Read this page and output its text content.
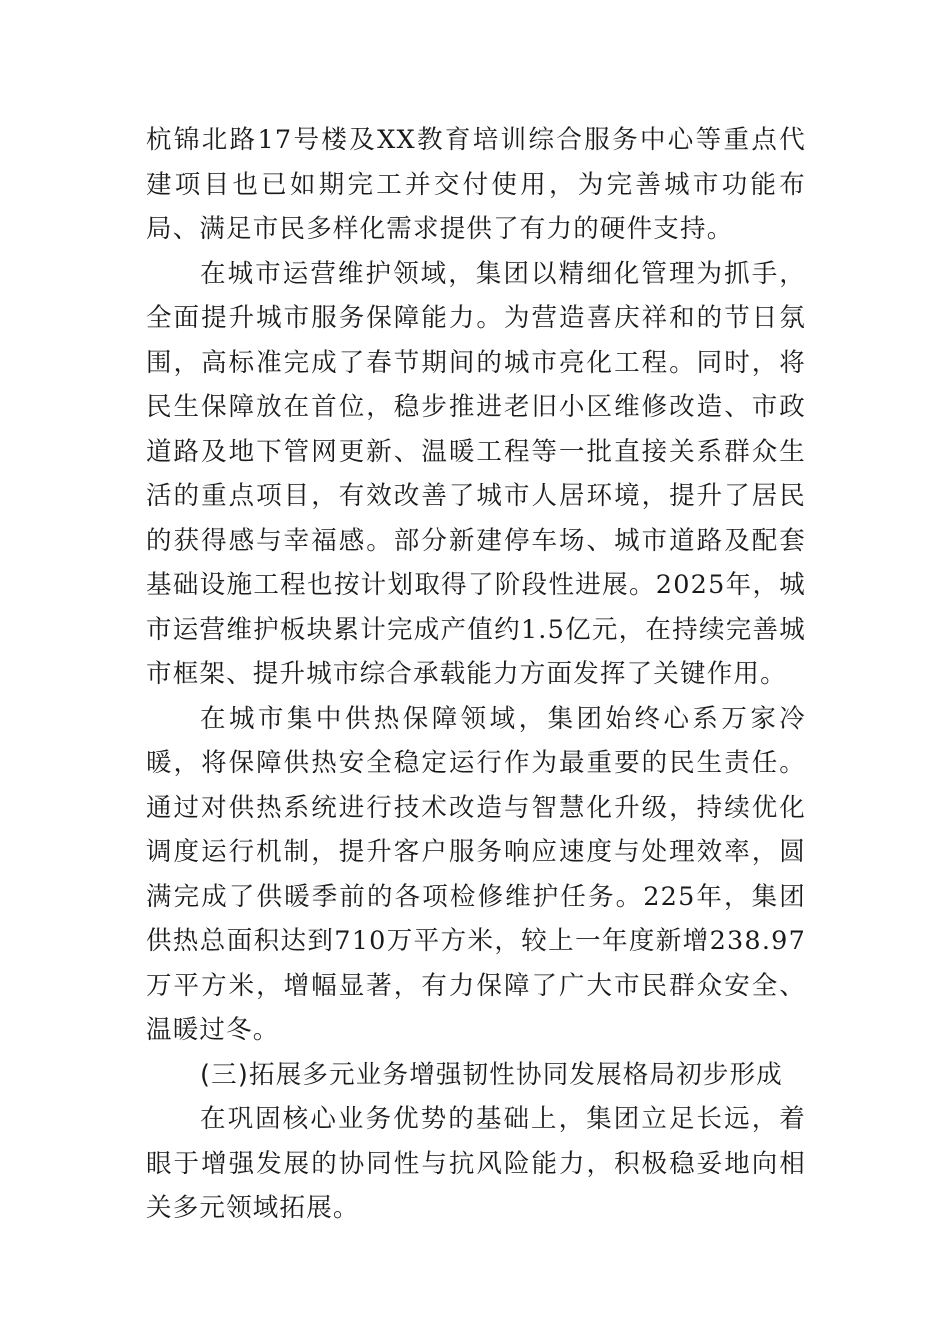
杭锦北路17号楼及XX教育培训综合服务中心等重点代建项目也已如期完工并交付使用，为完善城市功能布局、满足市民多样化需求提供了有力的硬件支持。

在城市运营维护领域，集团以精细化管理为抓手，全面提升城市服务保障能力。为营造喜庆祥和的节日氛围，高标准完成了春节期间的城市亮化工程。同时，将民生保障放在首位，稳步推进老旧小区维修改造、市政道路及地下管网更新、温暖工程等一批直接关系群众生活的重点项目，有效改善了城市人居环境，提升了居民的获得感与幸福感。部分新建停车场、城市道路及配套基础设施工程也按计划取得了阶段性进展。2025年，城市运营维护板块累计完成产值约1.5亿元，在持续完善城市框架、提升城市综合承载能力方面发挥了关键作用。

在城市集中供热保障领域，集团始终心系万家冷暖，将保障供热安全稳定运行作为最重要的民生责任。通过对供热系统进行技术改造与智慧化升级，持续优化调度运行机制，提升客户服务响应速度与处理效率，圆满完成了供暖季前的各项检修维护任务。225年，集团供热总面积达到710万平方米，较上一年度新增238.97万平方米，增幅显著，有力保障了广大市民群众安全、温暖过冬。

(三)拓展多元业务增强韧性协同发展格局初步形成

在巩固核心业务优势的基础上，集团立足长远，着眼于增强发展的协同性与抗风险能力，积极稳妥地向相关多元领域拓展。
